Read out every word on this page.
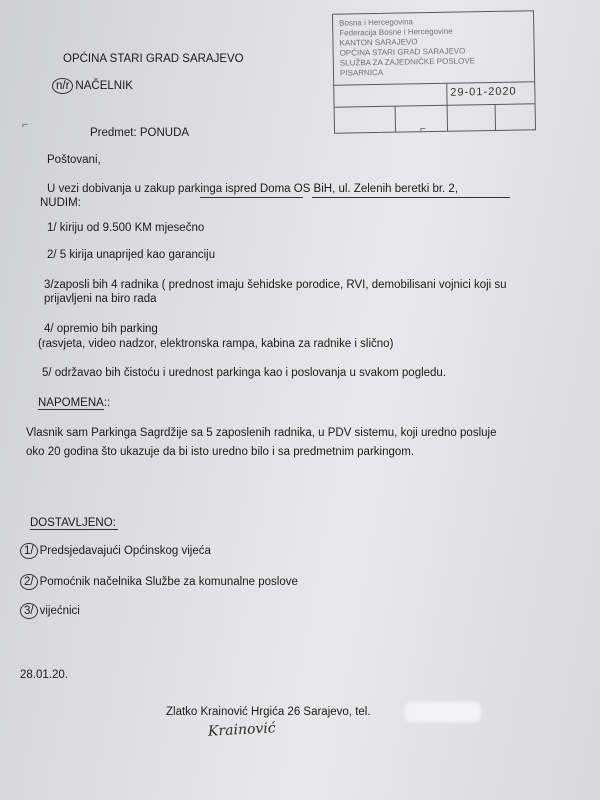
OPĆINA STARI GRAD SARAJEVO
n/r NAČELNIK
Bosna i Hercegovina
Federacija Bosne i Hercegovine
KANTON SARAJEVO
OPĆINA STARI GRAD SARAJEVO
SLUŽBA ZA ZAJEDNIČKE POSLOVE
PISARNICA
29-01-2020
⌐	⌐
Predmet: PONUDA
Poštovani,
U vezi dobivanja u zakup parkinga ispred Doma OS BiH, ul. Zelenih beretki br. 2,
NUDIM:
1/ kiriju od 9.500 KM mjesečno
2/ 5 kirija unaprijed kao garanciju
3/zaposli bih 4 radnika ( prednost imaju šehidske porodice, RVI, demobilisani vojnici koji su prijavljeni na biro rada
4/ opremio bih parking
(rasvjeta, video nadzor, elektronska rampa, kabina za radnike i slično)
5/ održavao bih čistoću i urednost parkinga kao i poslovanja u svakom pogledu.
NAPOMENA::
Vlasnik sam Parkinga Sagrdžije sa 5 zaposlenih radnika, u PDV sistemu, koji uredno posluje oko 20 godina što ukazuje da bi isto uredno bilo i sa predmetnim parkingom.
DOSTAVLJENO:
1/ Predsjedavajući Općinskog vijeća
2/ Pomoćnik načelnika Službe za komunalne poslove
3/ vijećnici
28.01.20.
Zlatko Krainović Hrgića 26 Sarajevo, tel.
Krainović
